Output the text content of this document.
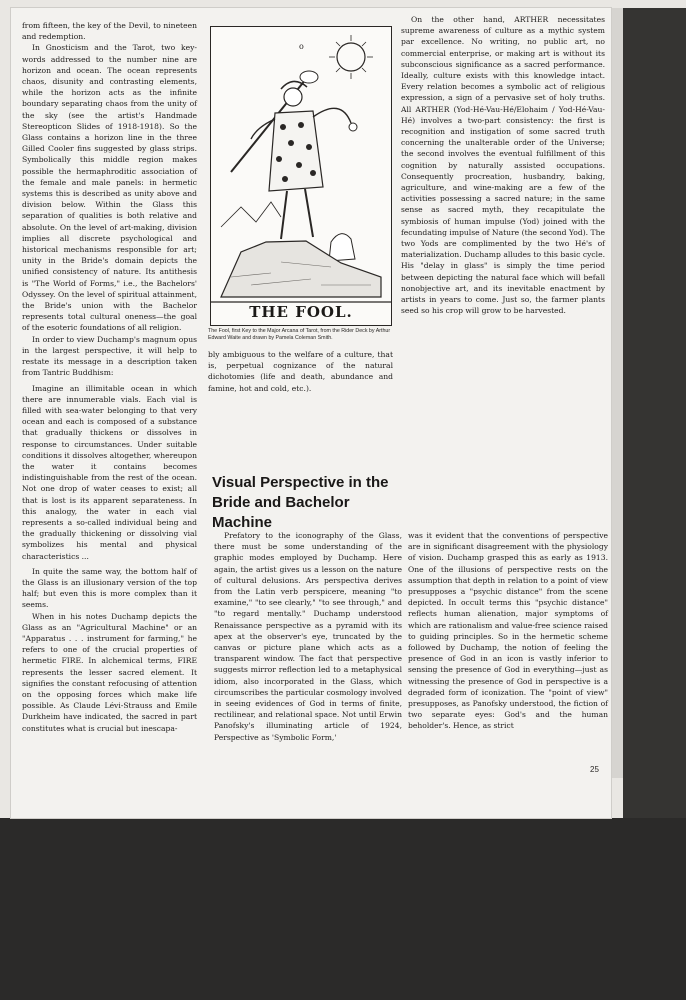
from fifteen, the key of the Devil, to nineteen and redemption.

In Gnosticism and the Tarot, two key-words addressed to the number nine are horizon and ocean. The ocean represents chaos, disunity and contrasting elements, while the horizon acts as the infinite boundary separating chaos from the unity of the sky (see the artist's Handmade Stereopticon Slides of 1918-1918). So the Glass contains a horizon line in the three Gilled Cooler fins suggested by glass strips. Symbolically this middle region makes possible the hermaphroditic association of the female and male panels: in hermetic systems this is described as unity above and division below. Within the Glass this separation of qualities is both relative and absolute. On the level of art-making, division implies all discrete psychological and historical mechanisms responsible for art; unity in the Bride's domain depicts the unified consistency of nature. Its antithesis is "The World of Forms," i.e., the Bachelors' Odyssey. On the level of spiritual attainment, the Bride's union with the Bachelor represents total cultural oneness—the goal of the esoteric foundations of all religion.

In order to view Duchamp's magnum opus in the largest perspective, it will help to restate its message in a description taken from Tantric Buddhism:

Imagine an illimitable ocean in which there are innumerable vials. Each vial is filled with sea-water belonging to that very ocean and each is composed of a substance that gradually thickens or dissolves in response to circumstances. Under suitable conditions it dissolves altogether, whereupon the water it contains becomes indistinguishable from the rest of the ocean. Not one drop of water ceases to exist; all that is lost is its apparent separateness. In this analogy, the water in each vial represents a so-called individual being and the gradually thickening or dissolving vial symbolizes his mental and physical characteristics ...

In quite the same way, the bottom half of the Glass is an illusionary version of the top half; but even this is more complex than it seems.

When in his notes Duchamp depicts the Glass as an "Agricultural Machine" or an "Apparatus . . . instrument for farming," he refers to one of the crucial properties of hermetic FIRE. In alchemical terms, FIRE represents the lesser sacred element. It signifies the constant refocusing of attention on the opposing forces which make life possible. As Claude Lévi-Strauss and Emile Durkheim have indicated, the sacred in part constitutes what is crucial but inescapa-

o
THE FOOL.
The Fool, first Key to the Major Arcana of Tarot, from the Rider Deck by Arthur Edward Waite and drawn by Pamela Coleman Smith.

bly ambiguous to the welfare of a culture, that is, perpetual cognizance of the natural dichotomies (life and death, abundance and famine, hot and cold, etc.).

On the other hand, ARTHER necessitates supreme awareness of culture as a mythic system par excellence. No writing, no public art, no commercial enterprise, or making art is without its subconscious significance as a sacred performance. Ideally, culture exists with this knowledge intact. Every relation becomes a symbolic act of religious expression, a sign of a pervasive set of holy truths. All ARTHER (Yod-Hé-Vau-Hé/Elohaim / Yod-Hé-Vau-Hé) involves a two-part consistency: the first is recognition and instigation of some sacred truth concerning the unalterable order of the Universe; the second involves the eventual fulfillment of this cognition by naturally assisted occupations. Consequently procreation, husbandry, baking, agriculture, and wine-making are a few of the activities possessing a sacred nature; in the same sense as sacred myth, they recapitulate the symbiosis of human impulse (Yod) joined with the fecundating impulse of Nature (the second Yod). The two Yods are complimented by the two Hé's of materialization. Duchamp alludes to this basic cycle. His "delay in glass" is simply the time period between depicting the natural face which will befall nonobjective art, and its inevitable enactment by artists in years to come. Just so, the farmer plants seed so his crop will grow to be harvested.

Visual Perspective in the Bride and Bachelor Machine

Prefatory to the iconography of the Glass, there must be some understanding of the graphic modes employed by Duchamp. Here again, the artist gives us a lesson on the nature of cultural delusions. Ars perspectiva derives from the Latin verb perspicere, meaning "to examine," "to see clearly," "to see through," and "to regard mentally." Duchamp understood Renaissance perspective as a pyramid with its apex at the observer's eye, truncated by the canvas or picture plane which acts as a transparent window. The fact that perspective suggests mirror reflection led to a metaphysical idiom, also incorporated in the Glass, which circumscribes the particular cosmology involved in seeing evidences of God in terms of finite, rectilinear, and relational space. Not until Erwin Panofsky's illuminating article of 1924, Perspective as 'Symbolic Form,'

was it evident that the conventions of perspective are in significant disagreement with the physiology of vision. Duchamp grasped this as early as 1913. One of the illusions of perspective rests on the assumption that depth in relation to a point of view presupposes a "psychic distance" from the scene depicted. In occult terms this "psychic distance" reflects human alienation, major symptoms of which are rationalism and value-free science raised to guiding principles. So in the hermetic scheme followed by Duchamp, the notion of feeling the presence of God in an icon is vastly inferior to sensing the presence of God in everything—just as witnessing the presence of God in perspective is a degraded form of iconization. The "point of view" presupposes, as Panofsky understood, the fiction of two separate eyes: God's and the human beholder's. Hence, as strict

25
